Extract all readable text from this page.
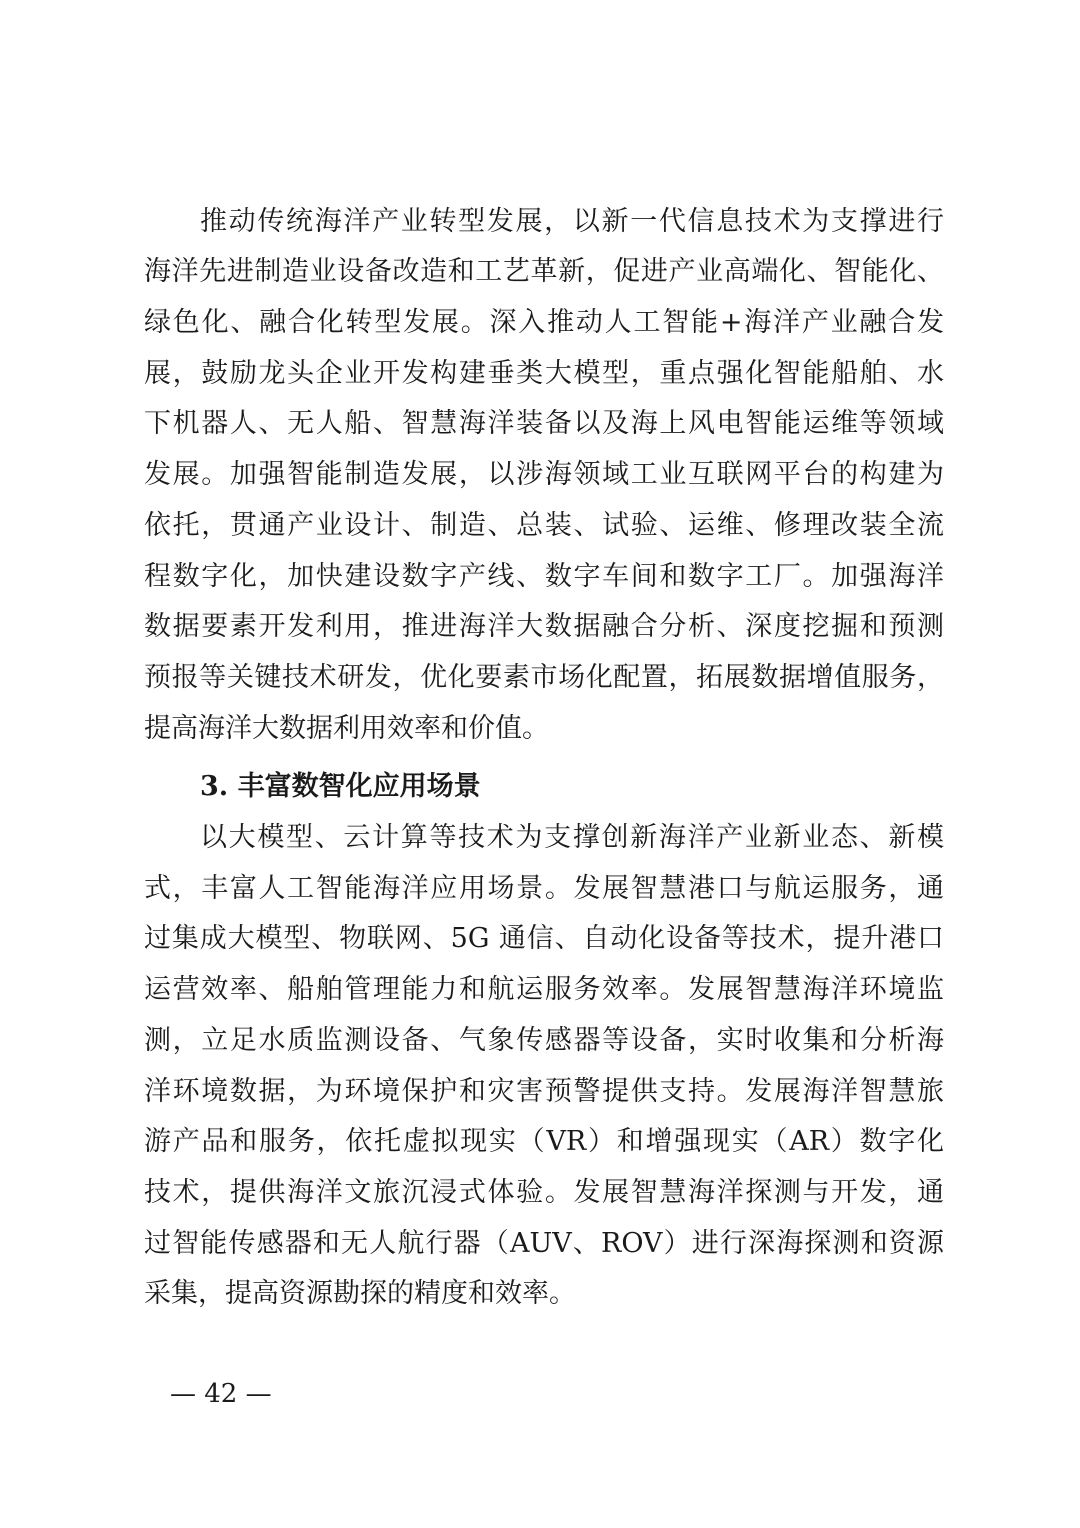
推动传统海洋产业转型发展，以新一代信息技术为支撑进行
海洋先进制造业设备改造和工艺革新，促进产业高端化、智能化、
绿色化、融合化转型发展。深入推动人工智能+海洋产业融合发
展，鼓励龙头企业开发构建垂类大模型，重点强化智能船舶、水
下机器人、无人船、智慧海洋装备以及海上风电智能运维等领域
发展。加强智能制造发展，以涉海领域工业互联网平台的构建为
依托，贯通产业设计、制造、总装、试验、运维、修理改装全流
程数字化，加快建设数字产线、数字车间和数字工厂。加强海洋
数据要素开发利用，推进海洋大数据融合分析、深度挖掘和预测
预报等关键技术研发，优化要素市场化配置，拓展数据增值服务，
提高海洋大数据利用效率和价值。
3. 丰富数智化应用场景
以大模型、云计算等技术为支撑创新海洋产业新业态、新模
式，丰富人工智能海洋应用场景。发展智慧港口与航运服务，通
过集成大模型、物联网、5G 通信、自动化设备等技术，提升港口
运营效率、船舶管理能力和航运服务效率。发展智慧海洋环境监
测，立足水质监测设备、气象传感器等设备，实时收集和分析海
洋环境数据，为环境保护和灾害预警提供支持。发展海洋智慧旅
游产品和服务，依托虚拟现实（VR）和增强现实（AR）数字化
技术，提供海洋文旅沉浸式体验。发展智慧海洋探测与开发，通
过智能传感器和无人航行器（AUV、ROV）进行深海探测和资源
采集，提高资源勘探的精度和效率。
— 42 —
